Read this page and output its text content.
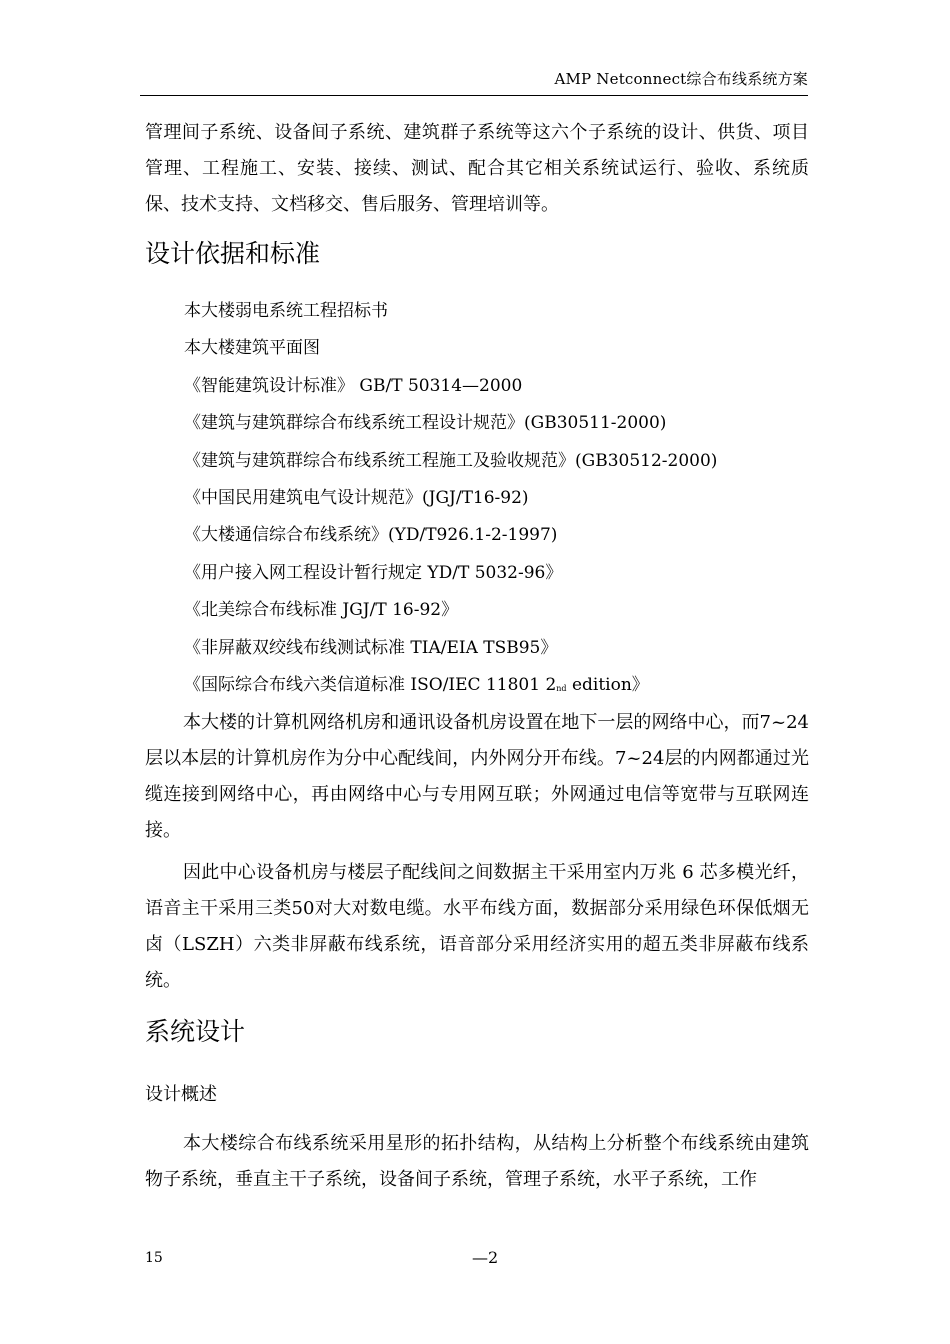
AMP Netconnect综合布线系统方案
管理间子系统、设备间子系统、建筑群子系统等这六个子系统的设计、供货、项目管理、工程施工、安装、接续、测试、配合其它相关系统试运行、验收、系统质保、技术支持、文档移交、售后服务、管理培训等。
设计依据和标准
本大楼弱电系统工程招标书
本大楼建筑平面图
《智能建筑设计标准》 GB/T 50314—2000
《建筑与建筑群综合布线系统工程设计规范》(GB30511-2000)
《建筑与建筑群综合布线系统工程施工及验收规范》(GB30512-2000)
《中国民用建筑电气设计规范》(JGJ/T16-92)
《大楼通信综合布线系统》(YD/T926.1-2-1997)
《用户接入网工程设计暂行规定 YD/T 5032-96》
《北美综合布线标准 JGJ/T 16-92》
《非屏蔽双绞线布线测试标准 TIA/EIA TSB95》
《国际综合布线六类信道标准 ISO/IEC 11801 2nd edition》
本大楼的计算机网络机房和通讯设备机房设置在地下一层的网络中心，而7~24层以本层的计算机房作为分中心配线间，内外网分开布线。7~24层的内网都通过光缆连接到网络中心，再由网络中心与专用网互联；外网通过电信等宽带与互联网连接。
因此中心设备机房与楼层子配线间之间数据主干采用室内万兆 6 芯多模光纤，语音主干采用三类50对大对数电缆。水平布线方面，数据部分采用绿色环保低烟无卤（LSZH）六类非屏蔽布线系统，语音部分采用经济实用的超五类非屏蔽布线系统。
系统设计
设计概述
本大楼综合布线系统采用星形的拓扑结构，从结构上分析整个布线系统由建筑物子系统，垂直主干子系统，设备间子系统，管理子系统，水平子系统，工作
15	—2
